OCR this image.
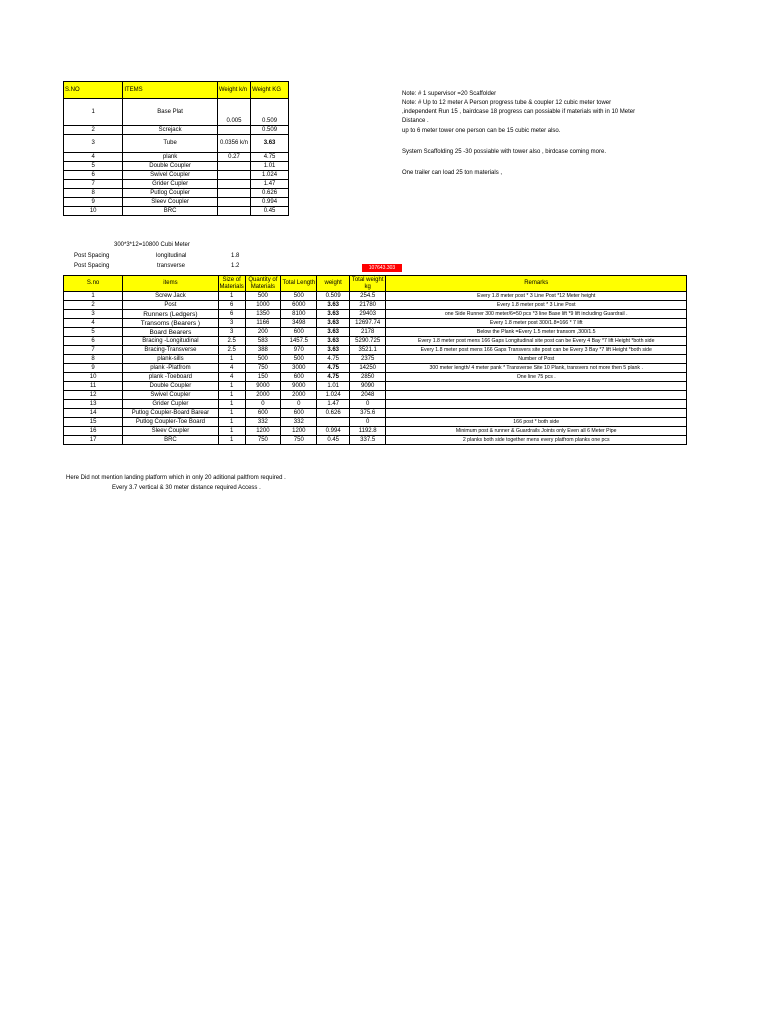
S.NO	ITEMS	Weight k/n	Weight KG
1	Base Plat	0.005	0.509
2	Screjack		0.509
3	Tube	0.0356 k/n	3.63
4	plank	0.27	4.75
5	Double Coupler		1.01
6	Swivel Coupler		1.024
7	Grider Cupler		1.47
8	Putlog Coupler		0.626
9	Sleev Coupler		0.994
10	BRC		0.45
Note: # 1 supervisor =20 Scaffolder
Note: # Up to 12 meter A Person progress tube & coupler 12 cubic meter tower
,independent Run 15 , bairdcase 18 progress can possiable if materials with in 10 Meter
Distance .
up to 6 meter tower one person can be 15 cubic meter also.
System Scaffolding 25 -30 possiable with tower also , birdcase coming more.
One trailer can load 25 ton materials ,
300*3*12=10800 Cubi Meter
Post Spacing	longitudinal	1.8
Post Spacing	transverse	1.2	107643.303
S.no	items	Size of Materials	Quantity of Materials	Total Length	weight	Total weight kg	Remarks
1	Screw Jack	1	500	500	0.509	254.5	Every 1.8 meter post * 3 Line Post *12 Meter height
2	Post	6	1000	6000	3.63	21780	Every 1.8 meter post * 3 Line Post
3	Runners (Ledgers)	6	1350	8100	3.63	29403	one Side Runner 300 meter/6=50 pcs *3 line Base lift *9 lift including Guardrail .
4	Transoms (Bearers )	3	1166	3498	3.63	12697.74	Every 1.8 meter post 300/1.8=166 * 7 lift
5	Board Bearers	3	200	600	3.63	2178	Below the Plank =Every 1.5 meter transom ,300/1.5
6	Bracing -Longitudinal	2.5	583	1457.5	3.63	5290.725	Every 1.8 meter post mens 166 Gaps Longitudinal site post can be Every 4 Bay *7 lift Height *both side
7	Bracing-Transverse	2.5	388	970	3.63	3521.1	Every 1.8 meter post mens 166 Gaps Transvers site post can be Every 3 Bay *7 lift Height *both side
8	plank-sills	1	500	500	4.75	2375	Number of Post
9	plank -Platfrom	4	750	3000	4.75	14250	300 meter length/ 4 meter pank * Transverse Site 10 Plank, transvers not more then 5 plank .
10	plank -Toeboard	4	150	600	4.75	2850	One line 75 pcs .
11	Double Coupler	1	9000	9000	1.01	9090	
12	Swivel Coupler	1	2000	2000	1.024	2048	
13	Grider Cupler	1	0	0	1.47	0	
14	Putlog Coupler-Board Barear	1	600	600	0.626	375.6	
15	Putlog Coupler-Toe Board	1	332	332		0	166 post * both side
16	Sleev Coupler	1	1200	1200	0.994	1192.8	Minimum post & runner & Guardrails Joints only Even all 6 Meter Pipe
17	BRC	1	750	750	0.45	337.5	2 planks both side together mens every platfrom planks one pcs
Here Did not mention landing platform which in only 20 aditional paltfrom required .
Every 3.7 vertical & 30 meter distance required Access .
